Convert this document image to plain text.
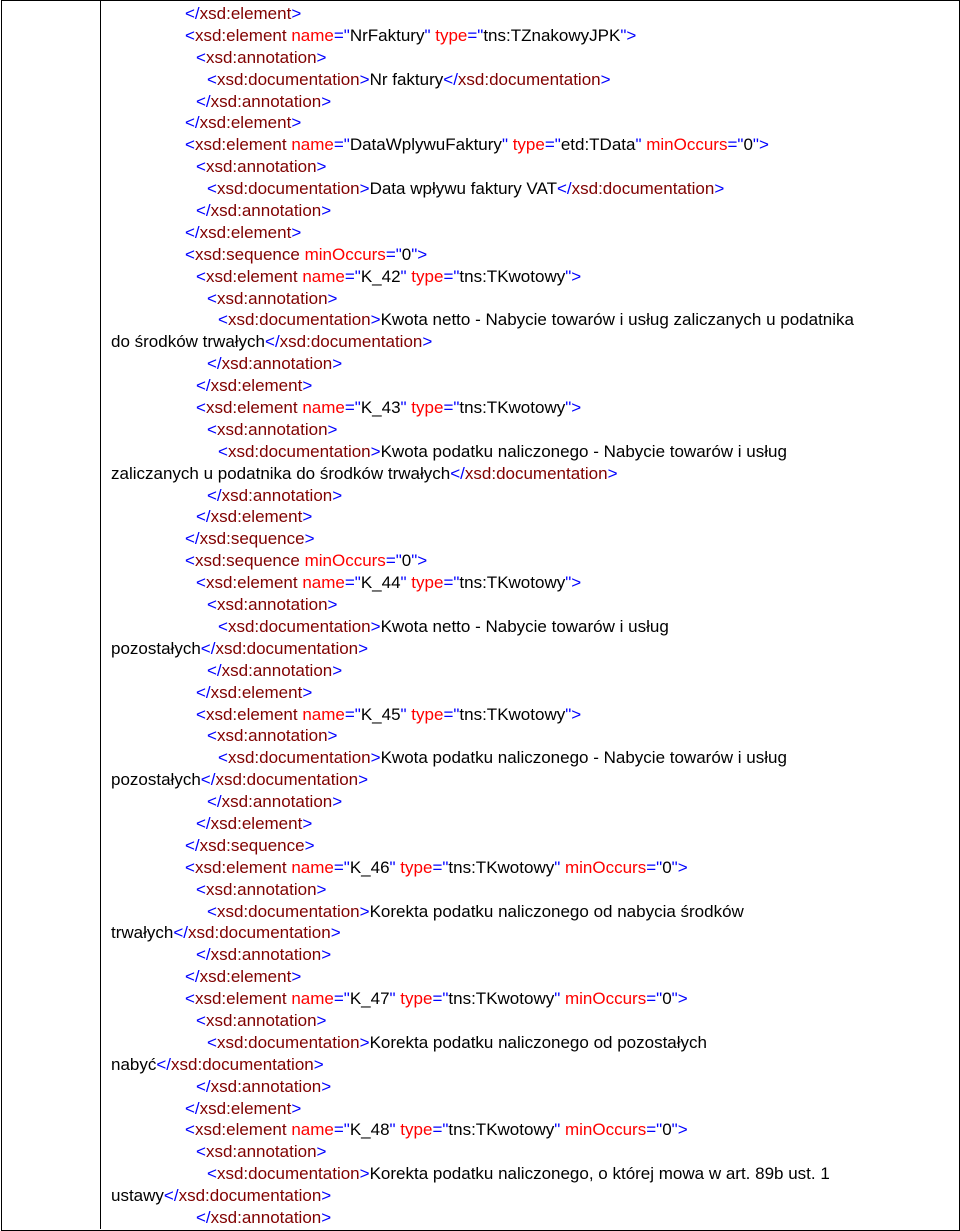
</xsd:element>
<xsd:element name="NrFaktury" type="tns:TZnakowyJPK">
<xsd:annotation>
<xsd:documentation>Nr faktury</xsd:documentation>
</xsd:annotation>
</xsd:element>
<xsd:element name="DataWplywuFaktury" type="etd:TData" minOccurs="0">
<xsd:annotation>
<xsd:documentation>Data wpływu faktury VAT</xsd:documentation>
</xsd:annotation>
</xsd:element>
<xsd:sequence minOccurs="0">
<xsd:element name="K_42" type="tns:TKwotowy">
<xsd:annotation>
<xsd:documentation>Kwota netto - Nabycie towarów i usług zaliczanych u podatnika
do środków trwałych</xsd:documentation>
</xsd:annotation>
</xsd:element>
<xsd:element name="K_43" type="tns:TKwotowy">
<xsd:annotation>
<xsd:documentation>Kwota podatku naliczonego - Nabycie towarów i usług
zaliczanych u podatnika do środków trwałych</xsd:documentation>
</xsd:annotation>
</xsd:element>
</xsd:sequence>
<xsd:sequence minOccurs="0">
<xsd:element name="K_44" type="tns:TKwotowy">
<xsd:annotation>
<xsd:documentation>Kwota netto - Nabycie towarów i usług
pozostałych</xsd:documentation>
</xsd:annotation>
</xsd:element>
<xsd:element name="K_45" type="tns:TKwotowy">
<xsd:annotation>
<xsd:documentation>Kwota podatku naliczonego - Nabycie towarów i usług
pozostałych</xsd:documentation>
</xsd:annotation>
</xsd:element>
</xsd:sequence>
<xsd:element name="K_46" type="tns:TKwotowy" minOccurs="0">
<xsd:annotation>
<xsd:documentation>Korekta podatku naliczonego od nabycia środków
trwałych</xsd:documentation>
</xsd:annotation>
</xsd:element>
<xsd:element name="K_47" type="tns:TKwotowy" minOccurs="0">
<xsd:annotation>
<xsd:documentation>Korekta podatku naliczonego od pozostałych
nabyć</xsd:documentation>
</xsd:annotation>
</xsd:element>
<xsd:element name="K_48" type="tns:TKwotowy" minOccurs="0">
<xsd:annotation>
<xsd:documentation>Korekta podatku naliczonego, o której mowa w art. 89b ust. 1
ustawy</xsd:documentation>
</xsd:annotation>
